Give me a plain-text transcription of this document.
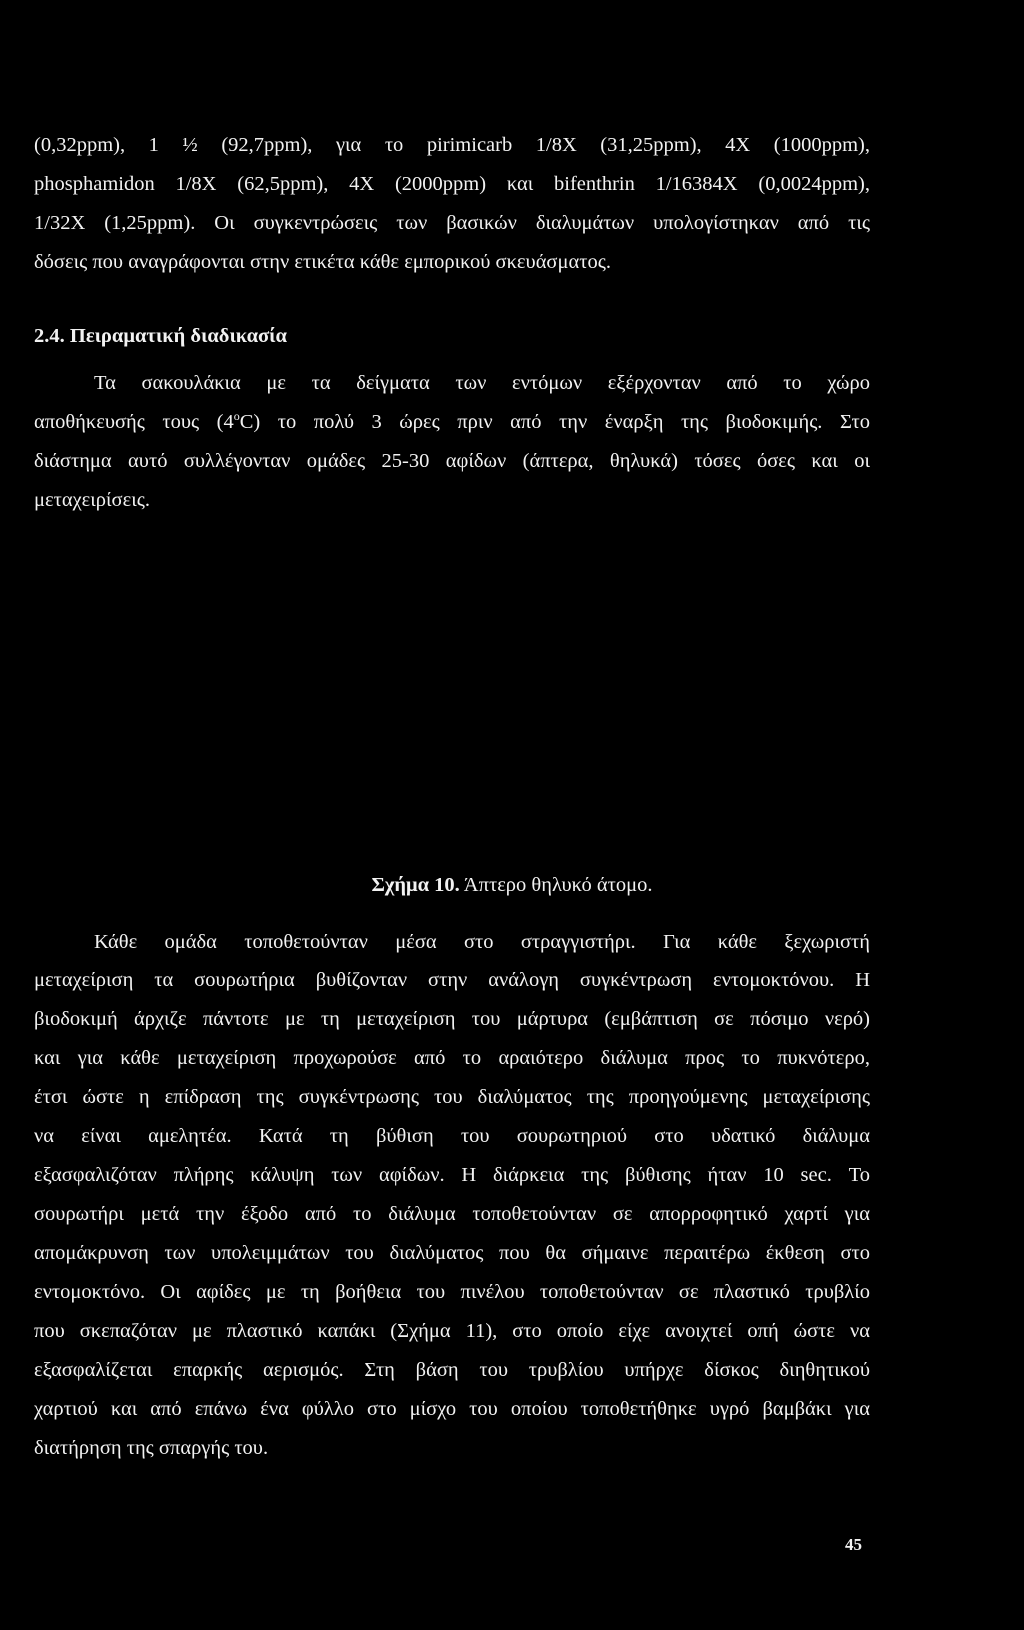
(0,32ppm), 1 ½ (92,7ppm), για το pirimicarb 1/8X (31,25ppm), 4X (1000ppm),
phosphamidon 1/8X (62,5ppm), 4X (2000ppm) και bifenthrin 1/16384X (0,0024ppm),
1/32X (1,25ppm). Οι συγκεντρώσεις των βασικών διαλυμάτων υπολογίστηκαν από τις
δόσεις που αναγράφονται στην ετικέτα κάθε εμπορικού σκευάσματος.
2.4. Πειραματική διαδικασία
Τα σακουλάκια με τα δείγματα των εντόμων εξέρχονταν από το χώρο
αποθήκευσής τους $(4^oC)$ το πολύ 3 ώρες πριν από την έναρξη της βιοδοκιμής. Στο
διάστημα αυτό συλλέγονταν ομάδες 25-30 αφίδων (άπτερα, θηλυκά) τόσες όσες και οι
μεταχειρίσεις.
Σχήμα 10. Άπτερο θηλυκό άτομο.
Κάθε ομάδα τοποθετούνταν μέσα στο στραγγιστήρι. Για κάθε ξεχωριστή
μεταχείριση τα σουρωτήρια βυθίζονταν στην ανάλογη συγκέντρωση εντομοκτόνου. Η
βιοδοκιμή άρχιζε πάντοτε με τη μεταχείριση του μάρτυρα (εμβάπτιση σε πόσιμο νερό)
και για κάθε μεταχείριση προχωρούσε από το αραιότερο διάλυμα προς το πυκνότερο,
έτσι ώστε η επίδραση της συγκέντρωσης του διαλύματος της προηγούμενης μεταχείρισης
να είναι αμελητέα. Κατά τη βύθιση του σουρωτηριού στο υδατικό διάλυμα
εξασφαλιζόταν πλήρης κάλυψη των αφίδων. Η διάρκεια της βύθισης ήταν 10 sec. Το
σουρωτήρι μετά την έξοδο από το διάλυμα τοποθετούνταν σε απορροφητικό χαρτί για
απομάκρυνση των υπολειμμάτων του διαλύματος που θα σήμαινε περαιτέρω έκθεση στο
εντομοκτόνο. Οι αφίδες με τη βοήθεια του πινέλου τοποθετούνταν σε πλαστικό τρυβλίο
που σκεπαζόταν με πλαστικό καπάκι (Σχήμα 11), στο οποίο είχε ανοιχτεί οπή ώστε να
εξασφαλίζεται επαρκής αερισμός. Στη βάση του τρυβλίου υπήρχε δίσκος διηθητικού
χαρτιού και από επάνω ένα φύλλο στο μίσχο του οποίου τοποθετήθηκε υγρό βαμβάκι για
διατήρηση της σπαργής του.
45
